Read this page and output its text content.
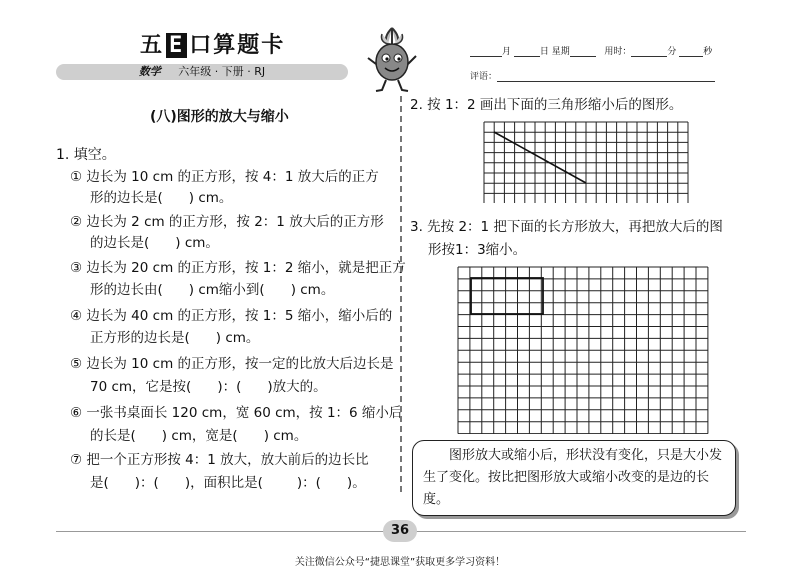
五 E 口算题卡
数学 六年级 · 下册 · RJ
月	日 星期	用时：	分	秒
评语：
(八)图形的放大与缩小
1. 填空。
① 边长为 10 cm 的正方形，按 4：1 放大后的正方
形的边长是( ) cm。
② 边长为 2 cm 的正方形，按 2：1 放大后的正方形
的边长是( ) cm。
③ 边长为 20 cm 的正方形，按 1：2 缩小，就是把正方
形的边长由( ) cm缩小到( ) cm。
④ 边长为 40 cm 的正方形，按 1：5 缩小，缩小后的
正方形的边长是( ) cm。
⑤ 边长为 10 cm 的正方形，按一定的比放大后边长是
70 cm，它是按( )：( )放大的。
⑥ 一张书桌面长 120 cm，宽 60 cm，按 1：6 缩小后
的长是( ) cm，宽是( ) cm。
⑦ 把一个正方形按 4：1 放大，放大前后的边长比
是( )：( )，面积比是(	)：( )。
2. 按 1：2 画出下面的三角形缩小后的图形。
3. 先按 2：1 把下面的长方形放大，再把放大后的图
形按1：3缩小。
图形放大或缩小后，形状没有变化，只是大小发生了变化。按比把图形放大或缩小改变的是边的长度。
36
关注微信公众号“捷思课堂”获取更多学习资料！
